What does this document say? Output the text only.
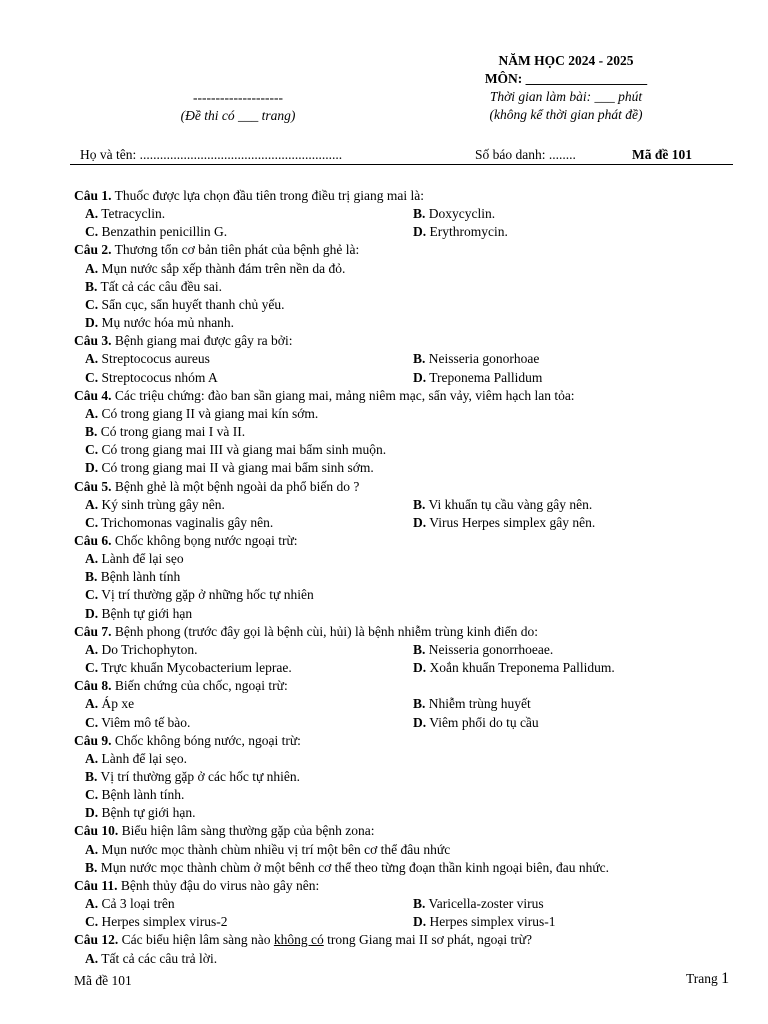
--------------------
(Đề thi có ___ trang)
NĂM HỌC 2024 - 2025
MÔN: __________________
Thời gian làm bài: ___ phút
(không kể thời gian phát đề)
Họ và tên: ............................................................	Số báo danh: ........	Mã đề 101
Câu 1. Thuốc được lựa chọn đầu tiên trong điều trị giang mai là:
A. Tetracyclin.	B. Doxycyclin.
C. Benzathin penicillin G.	D. Erythromycin.
Câu 2. Thương tổn cơ bản tiên phát của bệnh ghẻ là:
A. Mụn nước sắp xếp thành đám trên nền da đỏ.
B. Tất cả các câu đều sai.
C. Sẩn cục, sẩn huyết thanh chủ yếu.
D. Mụ nước hóa mủ nhanh.
Câu 3. Bệnh giang mai được gây ra bởi:
A. Streptococus aureus	B. Neisseria gonorhoae
C. Streptococus nhóm A	D. Treponema Pallidum
Câu 4. Các triệu chứng: đào ban sần giang mai, mảng niêm mạc, sẩn vảy, viêm hạch lan tỏa:
A. Có trong giang II và giang mai kín sớm.
B. Có trong giang mai I và II.
C. Có trong giang mai III và giang mai bẩm sinh muộn.
D. Có trong giang mai II và giang mai bẩm sinh sớm.
Câu 5. Bệnh ghẻ là một bệnh ngoài da phổ biến do ?
A. Ký sinh trùng gây nên.	B. Vi khuẩn tụ cầu vàng gây nên.
C. Trichomonas vaginalis gây nên.	D. Virus Herpes simplex gây nên.
Câu 6. Chốc không bọng nước ngoại trừ:
A. Lành để lại sẹo
B. Bệnh lành tính
C. Vị trí thường gặp ở những hốc tự nhiên
D. Bệnh tự giới hạn
Câu 7. Bệnh phong (trước đây gọi là bệnh cùi, hủi) là bệnh nhiễm trùng kinh điển do:
A. Do Trichophyton.	B. Neisseria gonorrhoeae.
C. Trực khuẩn Mycobacterium leprae.	D. Xoắn khuẩn Treponema Pallidum.
Câu 8. Biến chứng của chốc, ngoại trừ:
A. Áp xe	B. Nhiễm trùng huyết
C. Viêm mô tế bào.	D. Viêm phổi do tụ cầu
Câu 9. Chốc không bóng nước, ngoại trừ:
A. Lành để lại sẹo.
B. Vị trí thường gặp ở các hốc tự nhiên.
C. Bệnh lành tính.
D. Bệnh tự giới hạn.
Câu 10. Biểu hiện lâm sàng thường gặp của bệnh zona:
A. Mụn nước mọc thành chùm nhiều vị trí một bên cơ thể đâu nhức
B. Mụn nước mọc thành chùm ở một bênh cơ thể theo từng đoạn thần kinh ngoại biên, đau nhức.
Câu 11. Bệnh thủy đậu do virus nào gây nên:
A. Cả 3 loại trên	B. Varicella-zoster virus
C. Herpes simplex virus-2	D. Herpes simplex virus-1
Câu 12. Các biểu hiện lâm sàng nào không có trong Giang mai II sơ phát, ngoại trừ?
A. Tất cả các câu trả lời.
Mã đề 101	Trang 1
